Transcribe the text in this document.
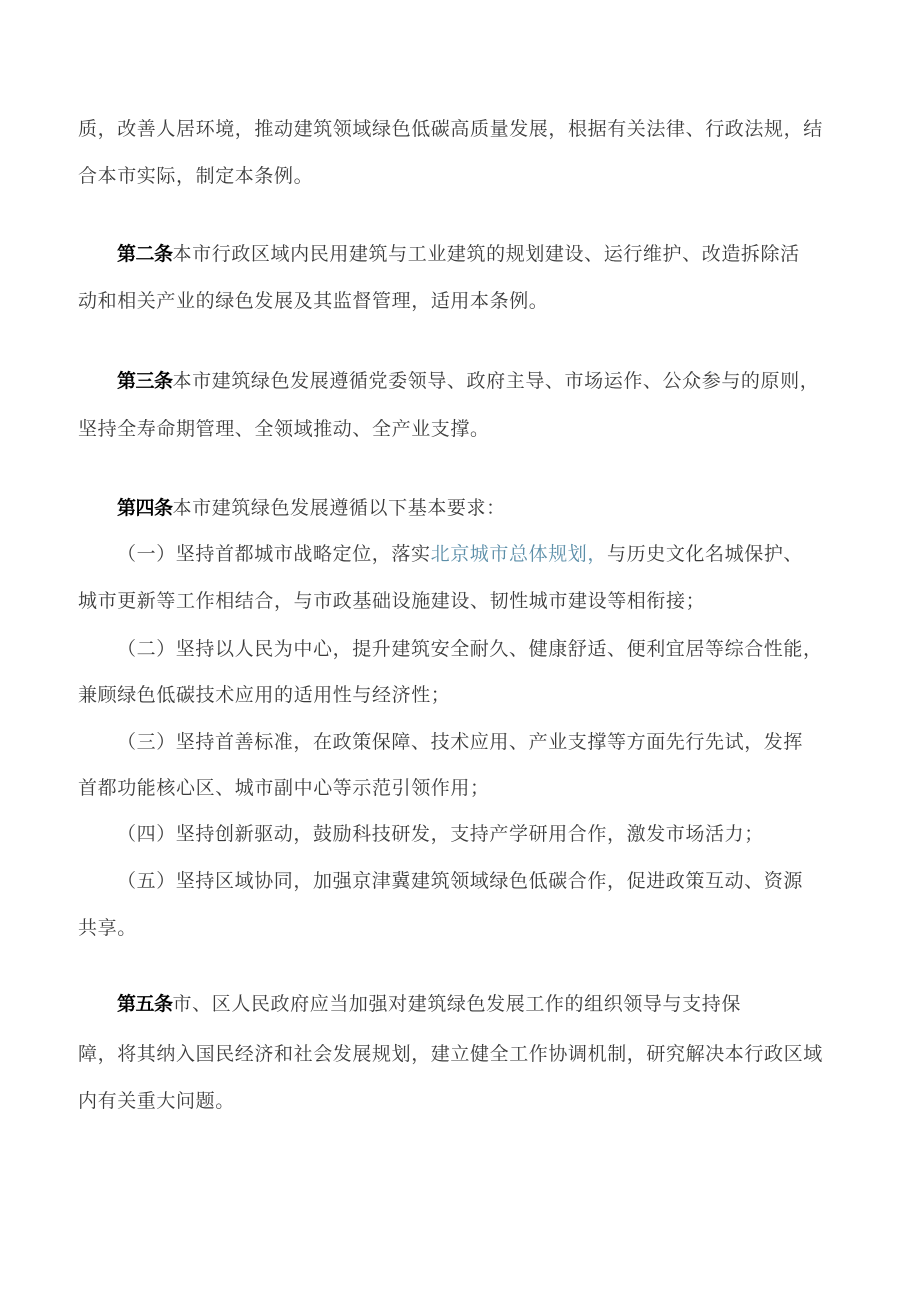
质，改善人居环境，推动建筑领域绿色低碳高质量发展，根据有关法律、行政法规，结
合本市实际，制定本条例。
第二条本市行政区域内民用建筑与工业建筑的规划建设、运行维护、改造拆除活
动和相关产业的绿色发展及其监督管理，适用本条例。
第三条本市建筑绿色发展遵循党委领导、政府主导、市场运作、公众参与的原则，
坚持全寿命期管理、全领域推动、全产业支撑。
第四条本市建筑绿色发展遵循以下基本要求：
（一）坚持首都城市战略定位，落实北京城市总体规划，与历史文化名城保护、
城市更新等工作相结合，与市政基础设施建设、韧性城市建设等相衔接；
（二）坚持以人民为中心，提升建筑安全耐久、健康舒适、便利宜居等综合性能，
兼顾绿色低碳技术应用的适用性与经济性；
（三）坚持首善标准，在政策保障、技术应用、产业支撑等方面先行先试，发挥
首都功能核心区、城市副中心等示范引领作用；
（四）坚持创新驱动，鼓励科技研发，支持产学研用合作，激发市场活力；
（五）坚持区域协同，加强京津冀建筑领域绿色低碳合作，促进政策互动、资源
共享。
第五条市、区人民政府应当加强对建筑绿色发展工作的组织领导与支持保
障，将其纳入国民经济和社会发展规划，建立健全工作协调机制，研究解决本行政区域
内有关重大问题。
